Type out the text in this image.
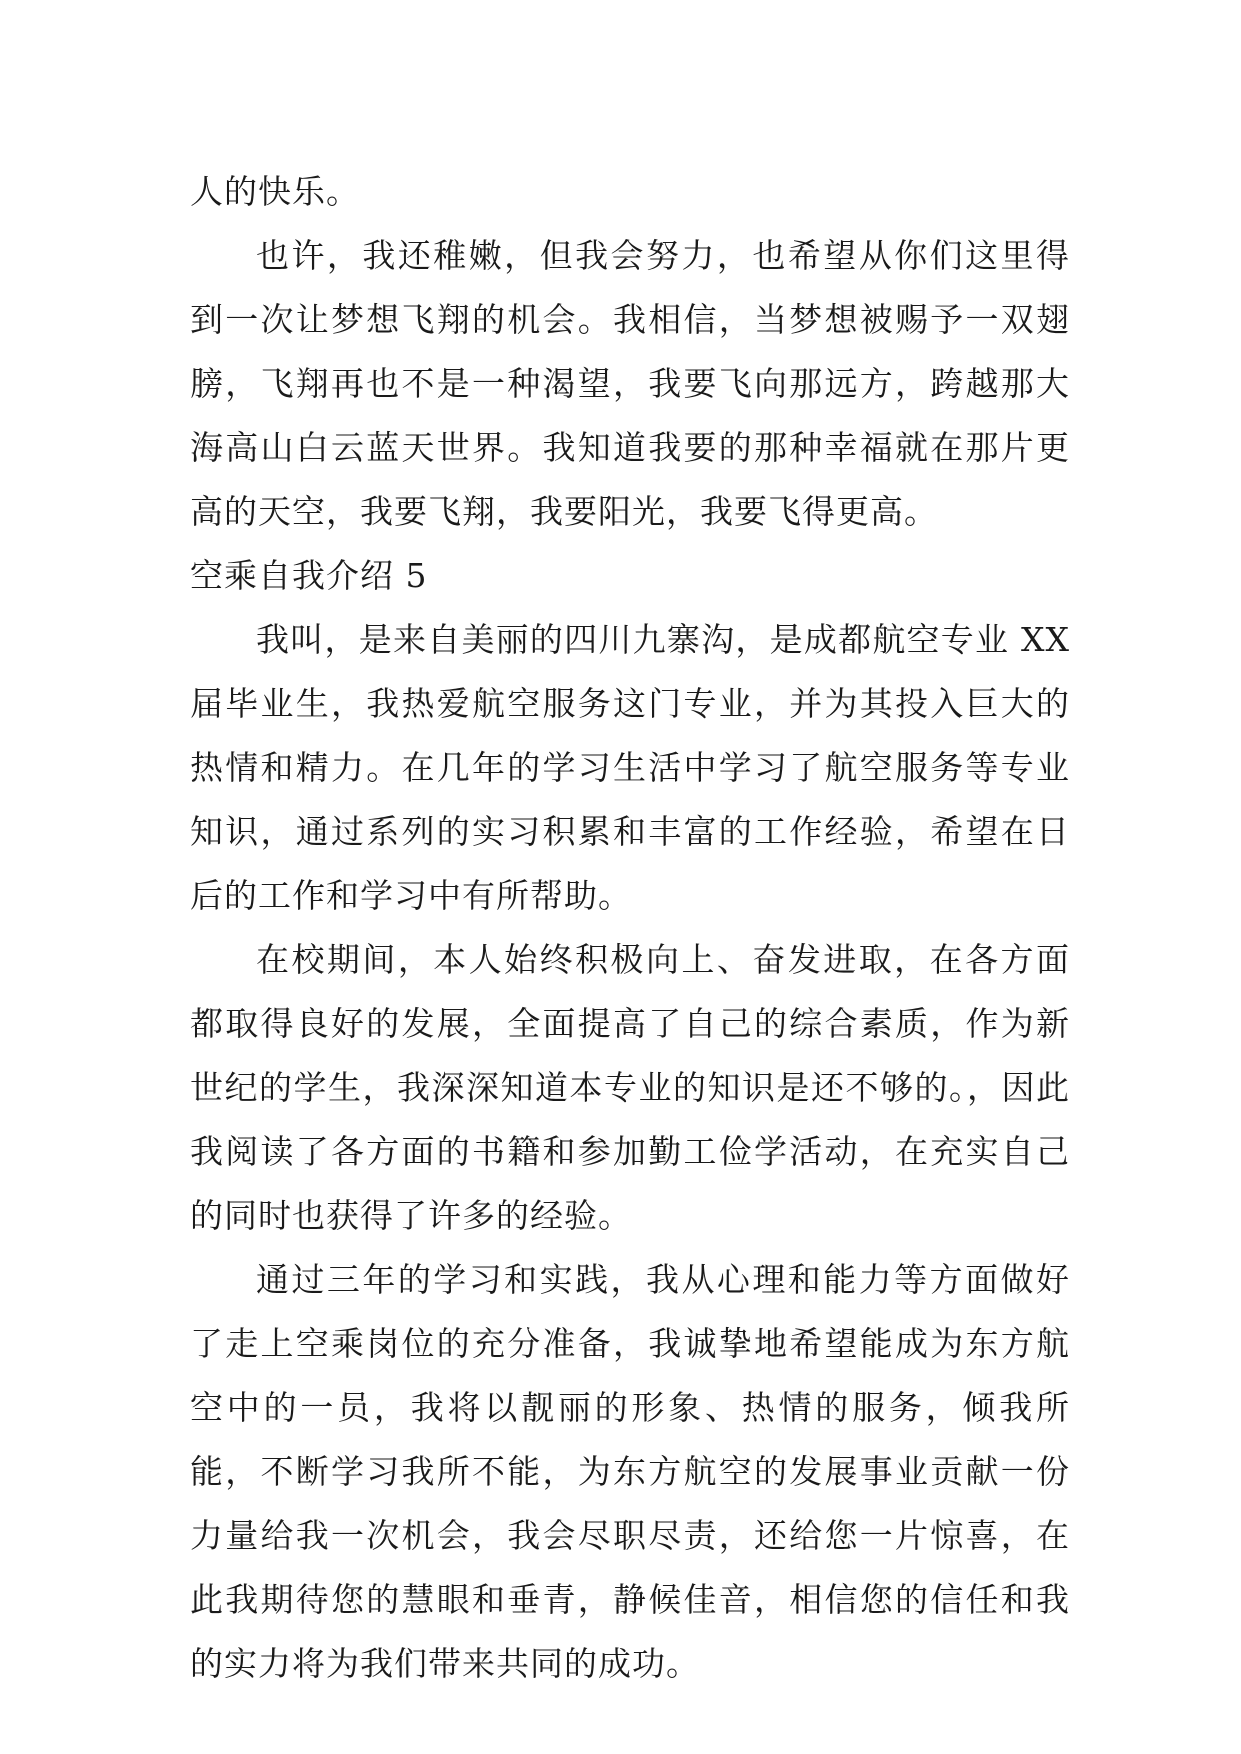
人的快乐。

也许，我还稚嫩，但我会努力，也希望从你们这里得到一次让梦想飞翔的机会。我相信，当梦想被赐予一双翅膀，飞翔再也不是一种渴望，我要飞向那远方，跨越那大海高山白云蓝天世界。我知道我要的那种幸福就在那片更高的天空，我要飞翔，我要阳光，我要飞得更高。

空乘自我介绍 5

我叫，是来自美丽的四川九寨沟，是成都航空专业 XX 届毕业生，我热爱航空服务这门专业，并为其投入巨大的热情和精力。在几年的学习生活中学习了航空服务等专业知识，通过系列的实习积累和丰富的工作经验，希望在日后的工作和学习中有所帮助。

在校期间，本人始终积极向上、奋发进取，在各方面都取得良好的发展，全面提高了自己的综合素质，作为新世纪的学生，我深深知道本专业的知识是还不够的。，因此我阅读了各方面的书籍和参加勤工俭学活动，在充实自己的同时也获得了许多的经验。

通过三年的学习和实践，我从心理和能力等方面做好了走上空乘岗位的充分准备，我诚挚地希望能成为东方航空中的一员，我将以靓丽的形象、热情的服务，倾我所能，不断学习我所不能，为东方航空的发展事业贡献一份力量给我一次机会，我会尽职尽责，还给您一片惊喜，在此我期待您的慧眼和垂青，静候佳音，相信您的信任和我的实力将为我们带来共同的成功。
